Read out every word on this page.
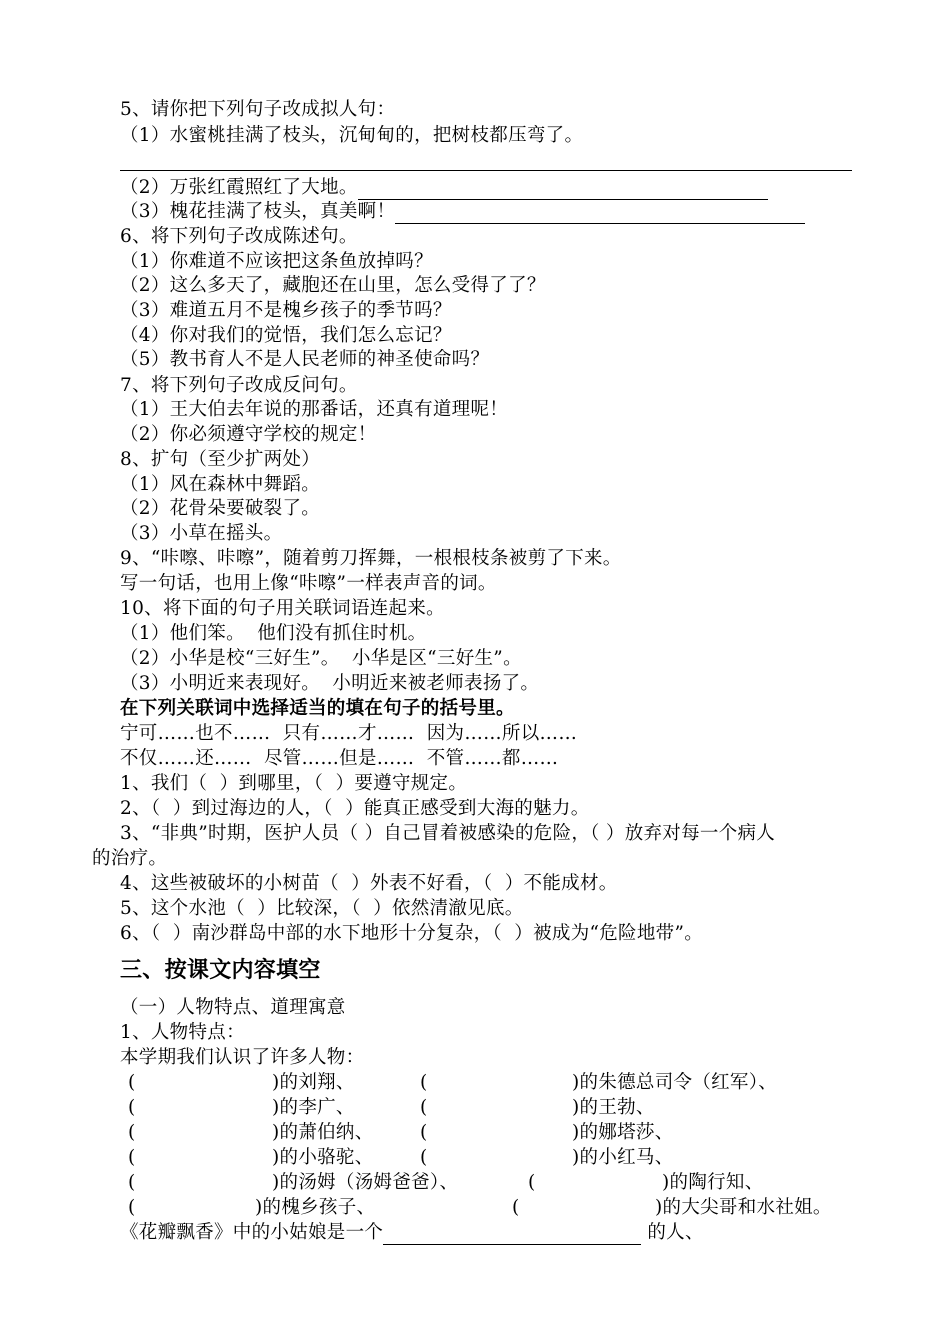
5、请你把下列句子改成拟人句：
（1）水蜜桃挂满了枝头，沉甸甸的，把树枝都压弯了。
（2）万张红霞照红了大地。
（3）槐花挂满了枝头，真美啊！
6、将下列句子改成陈述句。
（1）你难道不应该把这条鱼放掉吗？
（2）这么多天了，藏胞还在山里，怎么受得了了？
（3）难道五月不是槐乡孩子的季节吗？
（4）你对我们的觉悟，我们怎么忘记？
（5）教书育人不是人民老师的神圣使命吗？
7、将下列句子改成反问句。
（1）王大伯去年说的那番话，还真有道理呢！
（2）你必须遵守学校的规定！
8、扩句（至少扩两处）
（1）风在森林中舞蹈。
（2）花骨朵要破裂了。
（3）小草在摇头。
9、“咔嚓、咔嚓”，随着剪刀挥舞，一根根枝条被剪了下来。
写一句话，也用上像“咔嚓”一样表声音的词。
10、将下面的句子用关联词语连起来。
（1）他们笨。  他们没有抓住时机。
（2）小华是校“三好生”。  小华是区“三好生”。
（3）小明近来表现好。  小明近来被老师表扬了。
在下列关联词中选择适当的填在句子的括号里。
宁可……也不……  只有……才……  因为……所以……
不仅……还……  尽管……但是……  不管……都……
1、我们（  ）到哪里，（  ）要遵守规定。
2、（  ）到过海边的人，（  ）能真正感受到大海的魅力。
3、“非典”时期，医护人员（ ）自己冒着被感染的危险，（ ）放弃对每一个病人
的治疗。
4、这些被破坏的小树苗（  ）外表不好看，（  ）不能成材。
5、这个水池（  ）比较深，（  ）依然清澈见底。
6、（  ）南沙群岛中部的水下地形十分复杂，（  ）被成为“危险地带”。
三、按课文内容填空
（一）人物特点、道理寓意
1、人物特点：
本学期我们认识了许多人物：
(	)的刘翔、	(	)的朱德总司令（红军）、
(	)的李广、	(	)的王勃、
(	)的萧伯纳、	(	)的娜塔莎、
(	)的小骆驼、	(	)的小红马、
(	)的汤姆（汤姆爸爸）、	(	)的陶行知、
(	)的槐乡孩子、	(	)的大尖哥和水社姐。
《花瓣飘香》中的小姑娘是一个	的人、
